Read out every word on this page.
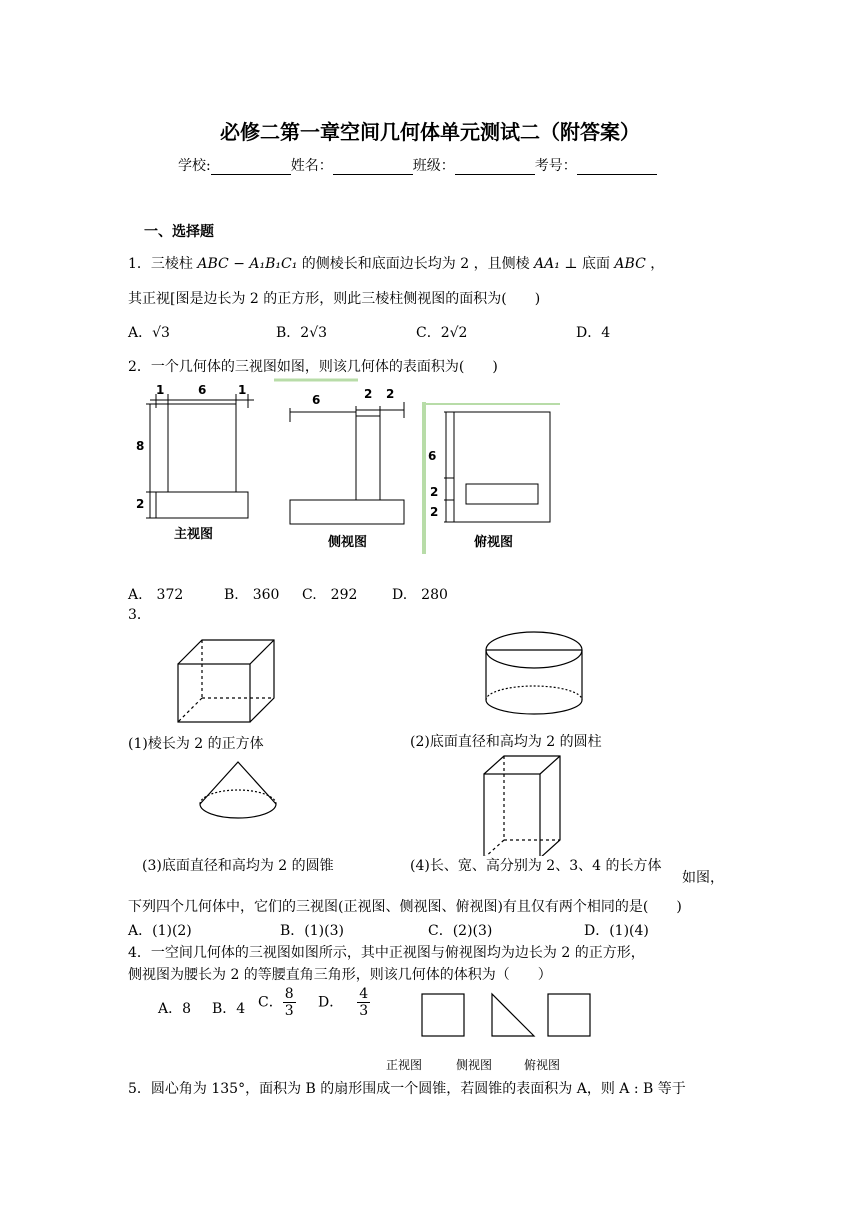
必修二第一章空间几何体单元测试二（附答案）
学校:	姓名：	班级：	考号：
一、选择题
1．三棱柱 ABC − A₁B₁C₁ 的侧棱长和底面边长均为 2 ，且侧棱 AA₁ ⊥ 底面 ABC ，
其正视[图是边长为 2 的正方形，则此三棱柱侧视图的面积为(　　)
A．√3	B．2√3	C．2√2	D．4
2．一个几何体的三视图如图，则该几何体的表面积为(　　)
1	6	1
8
2
6	2 2
6
2
2
主视图
侧视图	俯视图
A.　372	B.　360 C.　292 D.　280
3．
(1)棱长为 2 的正方体	(2)底面直径和高均为 2 的圆柱
(3)底面直径和高均为 2 的圆锥	(4)长、宽、高分别为 2、3、4 的长方体
如图，
下列四个几何体中，它们的三视图(正视图、侧视图、俯视图)有且仅有两个相同的是(　　)
A．(1)(2)	B．(1)(3)	C．(2)(3)	D．(1)(4)
4．一空间几何体的三视图如图所示，其中正视图与俯视图均为边长为 2 的正方形，
侧视图为腰长为 2 的等腰直角三角形，则该几何体的体积为（　　）
A．8 B．4 C． $\frac{8}{3}$ D． $\frac{4}{3}$
正视图	侧视图	俯视图
5．圆心角为 135°，面积为 B 的扇形围成一个圆锥，若圆锥的表面积为 A，则 A : B 等于
